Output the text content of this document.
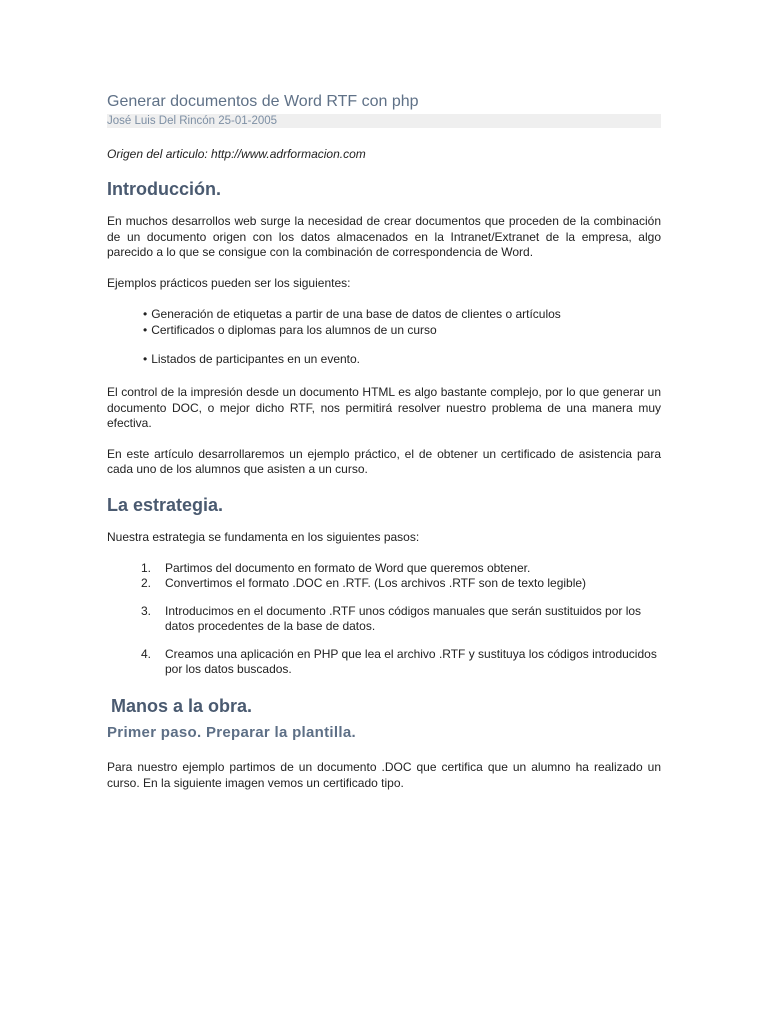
Generar documentos de Word RTF con php
José Luis Del Rincón 25-01-2005
Origen del articulo: http://www.adrformacion.com
Introducción.

En muchos desarrollos web surge la necesidad de crear documentos que proceden de la combinación de un documento origen con los datos almacenados en la Intranet/Extranet de la empresa, algo parecido a lo que se consigue con la combinación de correspondencia de Word.

Ejemplos prácticos pueden ser los siguientes:

• Generación de etiquetas a partir de una base de datos de clientes o artículos
• Certificados o diplomas para los alumnos de un curso
• Listados de participantes en un evento.

El control de la impresión desde un documento HTML es algo bastante complejo, por lo que generar un documento DOC, o mejor dicho RTF, nos permitirá resolver nuestro problema de una manera muy efectiva.

En este artículo desarrollaremos un ejemplo práctico, el de obtener un certificado de asistencia para cada uno de los alumnos que asisten a un curso.

La estrategia.

Nuestra estrategia se fundamenta en los siguientes pasos:

1. Partimos del documento en formato de Word que queremos obtener.
2. Convertimos el formato .DOC en .RTF. (Los archivos .RTF son de texto legible)
3. Introducimos en el documento .RTF unos códigos manuales que serán sustituidos por los datos procedentes de la base de datos.
4. Creamos una aplicación en PHP que lea el archivo .RTF y sustituya los códigos introducidos por los datos buscados.
Manos a la obra.
Primer paso. Preparar la plantilla.

Para nuestro ejemplo partimos de un documento .DOC que certifica que un alumno ha realizado un curso. En la siguiente imagen vemos un certificado tipo.
